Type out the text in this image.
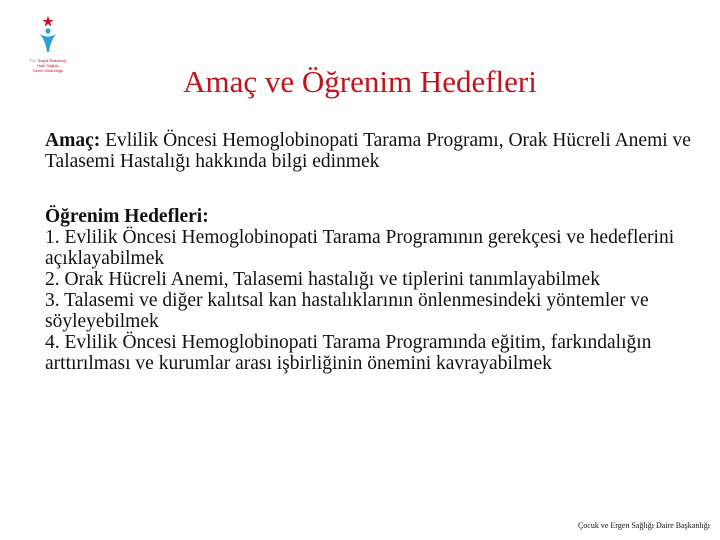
T.C. Sağlık Bakanlığı
Halk Sağlığı
Genel Müdürlüğü	Amaç ve Öğrenim Hedefleri

Amaç: Evlilik Öncesi Hemoglobinopati Tarama Programı, Orak Hücreli Anemi ve Talasemi Hastalığı hakkında bilgi edinmek

Öğrenim Hedefleri:

1. Evlilik Öncesi Hemoglobinopati Tarama Programının gerekçesi ve hedeflerini açıklayabilmek
2. Orak Hücreli Anemi, Talasemi hastalığı ve tiplerini tanımlayabilmek
3. Talasemi ve diğer kalıtsal kan hastalıklarının önlenmesindeki yöntemler ve söyleyebilmek
4. Evlilik Öncesi Hemoglobinopati Tarama Programında eğitim, farkındalığın arttırılması ve kurumlar arası işbirliğinin önemini kavrayabilmek
Çocuk ve Ergen Sağlığı Daire Başkanlığı
